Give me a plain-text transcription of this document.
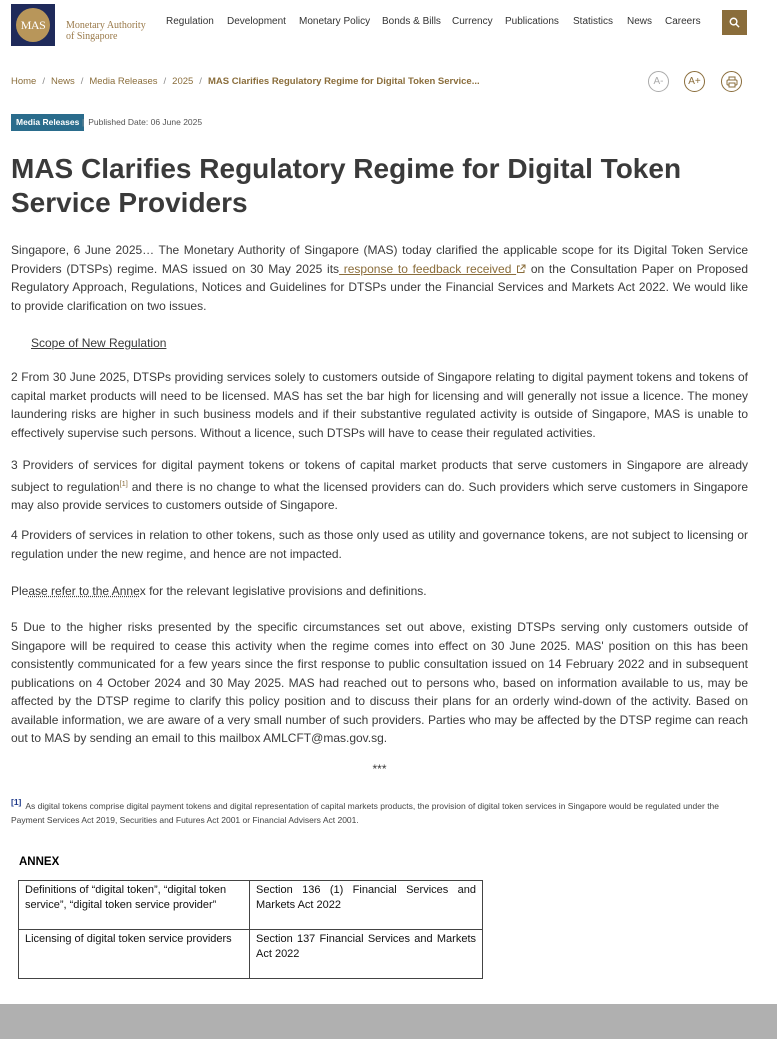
MAS	Monetary Authority
of Singapore
Regulation	Development	Monetary Policy	Bonds & Bills	Currency	Publications	Statistics	News	Careers
Home / News / Media Releases / 2025 / MAS Clarifies Regulatory Regime for Digital Token Service...	A- A+
Media Releases | Published Date: 06 June 2025
MAS Clarifies Regulatory Regime for Digital Token Service Providers

Singapore, 6 June 2025… The Monetary Authority of Singapore (MAS) today clarified the applicable scope for its Digital Token Service Providers (DTSPs) regime. MAS issued on 30 May 2025 its response to feedback received  on the Consultation Paper on Proposed Regulatory Approach, Regulations, Notices and Guidelines for DTSPs under the Financial Services and Markets Act 2022. We would like to provide clarification on two issues.

Scope of New Regulation

2 From 30 June 2025, DTSPs providing services solely to customers outside of Singapore relating to digital payment tokens and tokens of capital market products will need to be licensed. MAS has set the bar high for licensing and will generally not issue a licence. The money laundering risks are higher in such business models and if their substantive regulated activity is outside of Singapore, MAS is unable to effectively supervise such persons. Without a licence, such DTSPs will have to cease their regulated activities.

3 Providers of services for digital payment tokens or tokens of capital market products that serve customers in Singapore are already subject to regulation[1] and there is no change to what the licensed providers can do. Such providers which serve customers in Singapore may also provide services to customers outside of Singapore.

4 Providers of services in relation to other tokens, such as those only used as utility and governance tokens, are not subject to licensing or regulation under the new regime, and hence are not impacted.

Please refer to the Annex for the relevant legislative provisions and definitions.

5 Due to the higher risks presented by the specific circumstances set out above, existing DTSPs serving only customers outside of Singapore will be required to cease this activity when the regime comes into effect on 30 June 2025. MAS' position on this has been consistently communicated for a few years since the first response to public consultation issued on 14 February 2022 and in subsequent publications on 4 October 2024 and 30 May 2025. MAS had reached out to persons who, based on information available to us, may be affected by the DTSP regime to clarify this policy position and to discuss their plans for an orderly wind-down of the activity. Based on available information, we are aware of a very small number of such providers. Parties who may be affected by the DTSP regime can reach out to MAS by sending an email to this mailbox AMLCFT@mas.gov.sg.

***

[1] As digital tokens comprise digital payment tokens and digital representation of capital markets products, the provision of digital token services in Singapore would be regulated under the Payment Services Act 2019, Securities and Futures Act 2001 or Financial Advisers Act 2001.

ANNEX
Definitions of “digital token”, “digital token service”, “digital token service provider”	Section 136 (1) Financial Services and Markets Act 2022
Licensing of digital token service providers	Section 137 Financial Services and Markets Act 2022
